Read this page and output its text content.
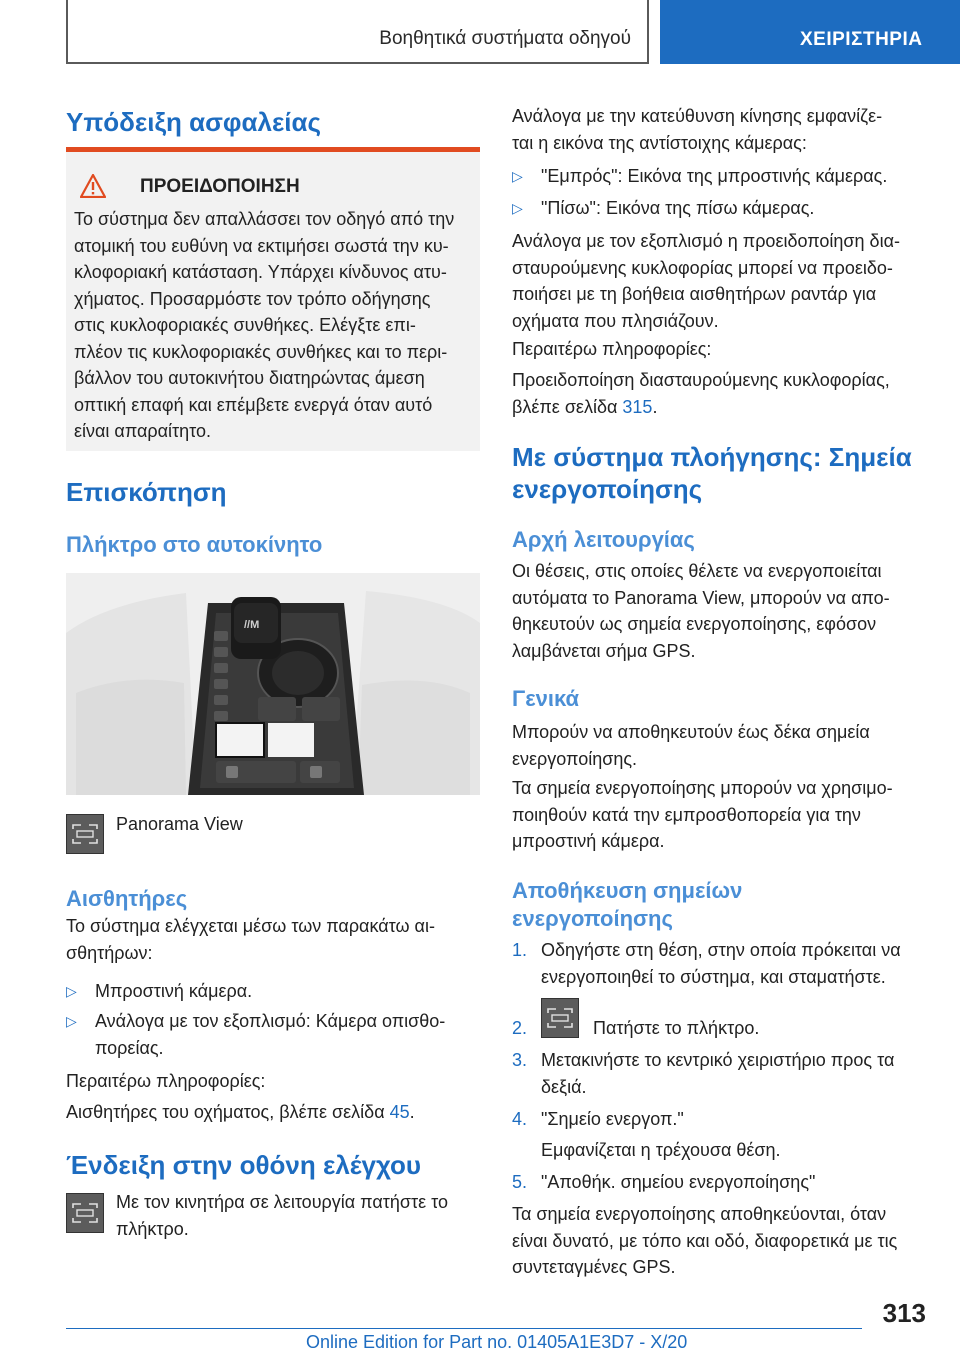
Βοηθητικά συστήματα οδηγού	ΧΕΙΡΙΣΤΗΡΙΑ
Υπόδειξη ασφαλείας
ΠΡΟΕΙΔΟΠΟΙΗΣΗ
Το σύστημα δεν απαλλάσσει τον οδηγό από την
ατομική του ευθύνη να εκτιμήσει σωστά την κυ-
κλοφοριακή κατάσταση. Υπάρχει κίνδυνος ατυ-
χήματος. Προσαρμόστε τον τρόπο οδήγησης
στις κυκλοφοριακές συνθήκες. Ελέγξτε επι-
πλέον τις κυκλοφοριακές συνθήκες και το περι-
βάλλον του αυτοκινήτου διατηρώντας άμεση
οπτική επαφή και επέμβετε ενεργά όταν αυτό
είναι απαραίτητο.
Επισκόπηση
Πλήκτρο στο αυτοκίνητο
//M
Panorama View
Αισθητήρες
Το σύστημα ελέγχεται μέσω των παρακάτω αι-
σθητήρων:
▷ Μπροστινή κάμερα.
▷ Ανάλογα με τον εξοπλισμό: Κάμερα οπισθο-
πορείας.
Περαιτέρω πληροφορίες:
Αισθητήρες του οχήματος, βλέπε σελίδα 45.
Ένδειξη στην οθόνη ελέγχου
Με τον κινητήρα σε λειτουργία πατήστε το
πλήκτρο.
Ανάλογα με την κατεύθυνση κίνησης εμφανίζε-
ται η εικόνα της αντίστοιχης κάμερας:
▷ "Εμπρός": Εικόνα της μπροστινής κάμερας.
▷ "Πίσω": Εικόνα της πίσω κάμερας.
Ανάλογα με τον εξοπλισμό η προειδοποίηση δια-
σταυρούμενης κυκλοφορίας μπορεί να προειδο-
ποιήσει με τη βοήθεια αισθητήρων ραντάρ για
οχήματα που πλησιάζουν.
Περαιτέρω πληροφορίες:
Προειδοποίηση διασταυρούμενης κυκλοφορίας,
βλέπε σελίδα 315.
Με σύστημα πλοήγησης: Σημεία
ενεργοποίησης
Αρχή λειτουργίας
Οι θέσεις, στις οποίες θέλετε να ενεργοποιείται
αυτόματα το Panorama View, μπορούν να απο-
θηκευτούν ως σημεία ενεργοποίησης, εφόσον
λαμβάνεται σήμα GPS.
Γενικά
Μπορούν να αποθηκευτούν έως δέκα σημεία
ενεργοποίησης.
Τα σημεία ενεργοποίησης μπορούν να χρησιμο-
ποιηθούν κατά την εμπροσθοπορεία για την
μπροστινή κάμερα.
Αποθήκευση σημείων
ενεργοποίησης
1. Οδηγήστε στη θέση, στην οποία πρόκειται να
ενεργοποιηθεί το σύστημα, και σταματήστε.
2.	Πατήστε το πλήκτρο.
3. Μετακινήστε το κεντρικό χειριστήριο προς τα
δεξιά.
4. "Σημείο ενεργοπ."
Εμφανίζεται η τρέχουσα θέση.
5. "Αποθήκ. σημείου ενεργοποίησης"
Τα σημεία ενεργοποίησης αποθηκεύονται, όταν
είναι δυνατό, με τόπο και οδό, διαφορετικά με τις
συντεταγμένες GPS.
313
Online Edition for Part no. 01405A1E3D7 - X/20
